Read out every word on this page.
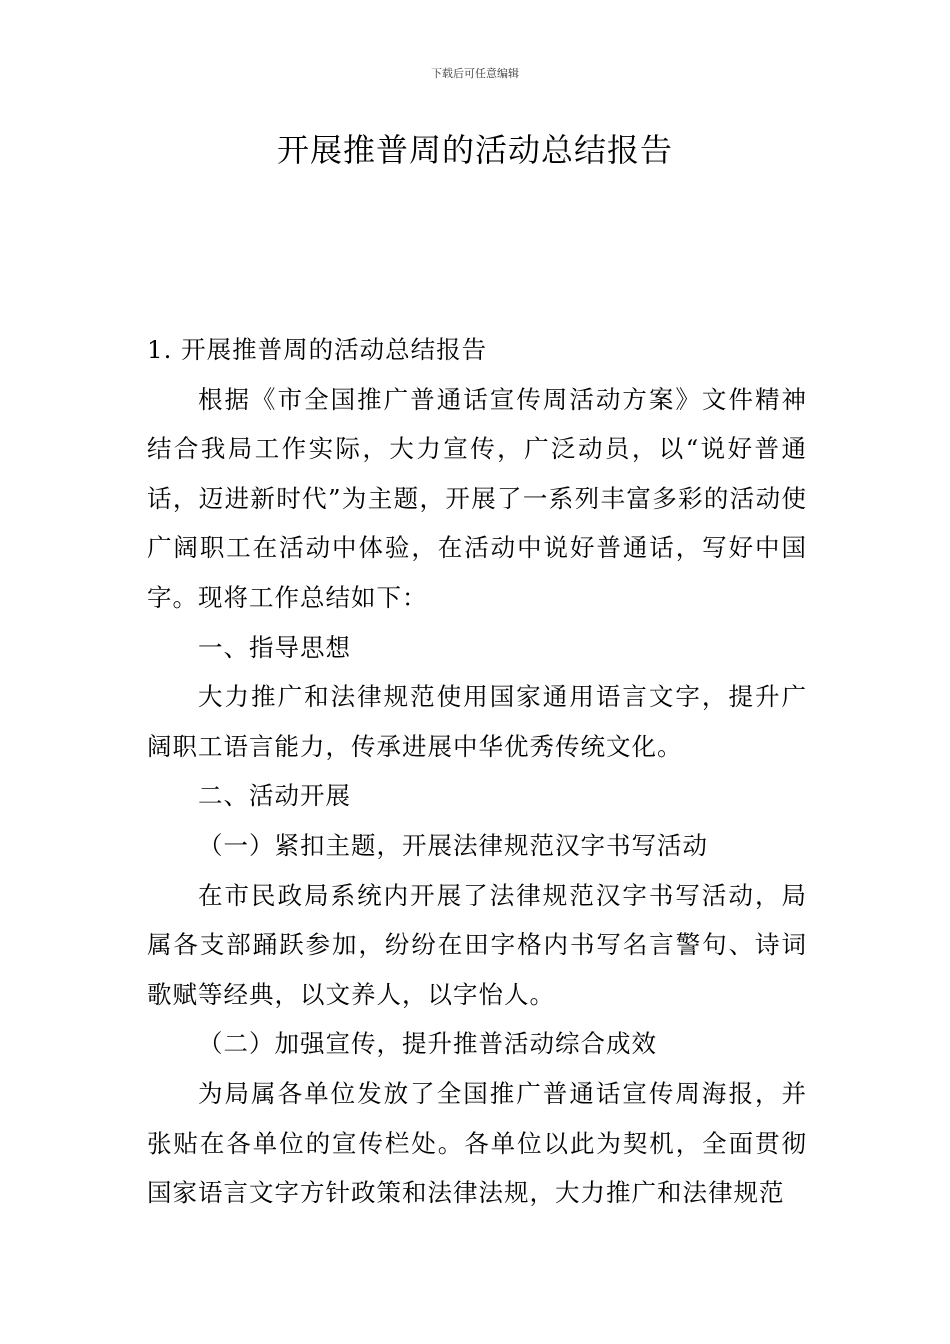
下载后可任意编辑
开展推普周的活动总结报告

1. 开展推普周的活动总结报告

根据《市全国推广普通话宣传周活动方案》文件精神结合我局工作实际，大力宣传，广泛动员，以“说好普通话，迈进新时代”为主题，开展了一系列丰富多彩的活动使广阔职工在活动中体验，在活动中说好普通话，写好中国字。现将工作总结如下：

一、指导思想

大力推广和法律规范使用国家通用语言文字，提升广阔职工语言能力，传承进展中华优秀传统文化。

二、活动开展

（一）紧扣主题，开展法律规范汉字书写活动

在市民政局系统内开展了法律规范汉字书写活动，局属各支部踊跃参加，纷纷在田字格内书写名言警句、诗词歌赋等经典，以文养人，以字怡人。

（二）加强宣传，提升推普活动综合成效

为局属各单位发放了全国推广普通话宣传周海报，并张贴在各单位的宣传栏处。各单位以此为契机，全面贯彻国家语言文字方针政策和法律法规，大力推广和法律规范
